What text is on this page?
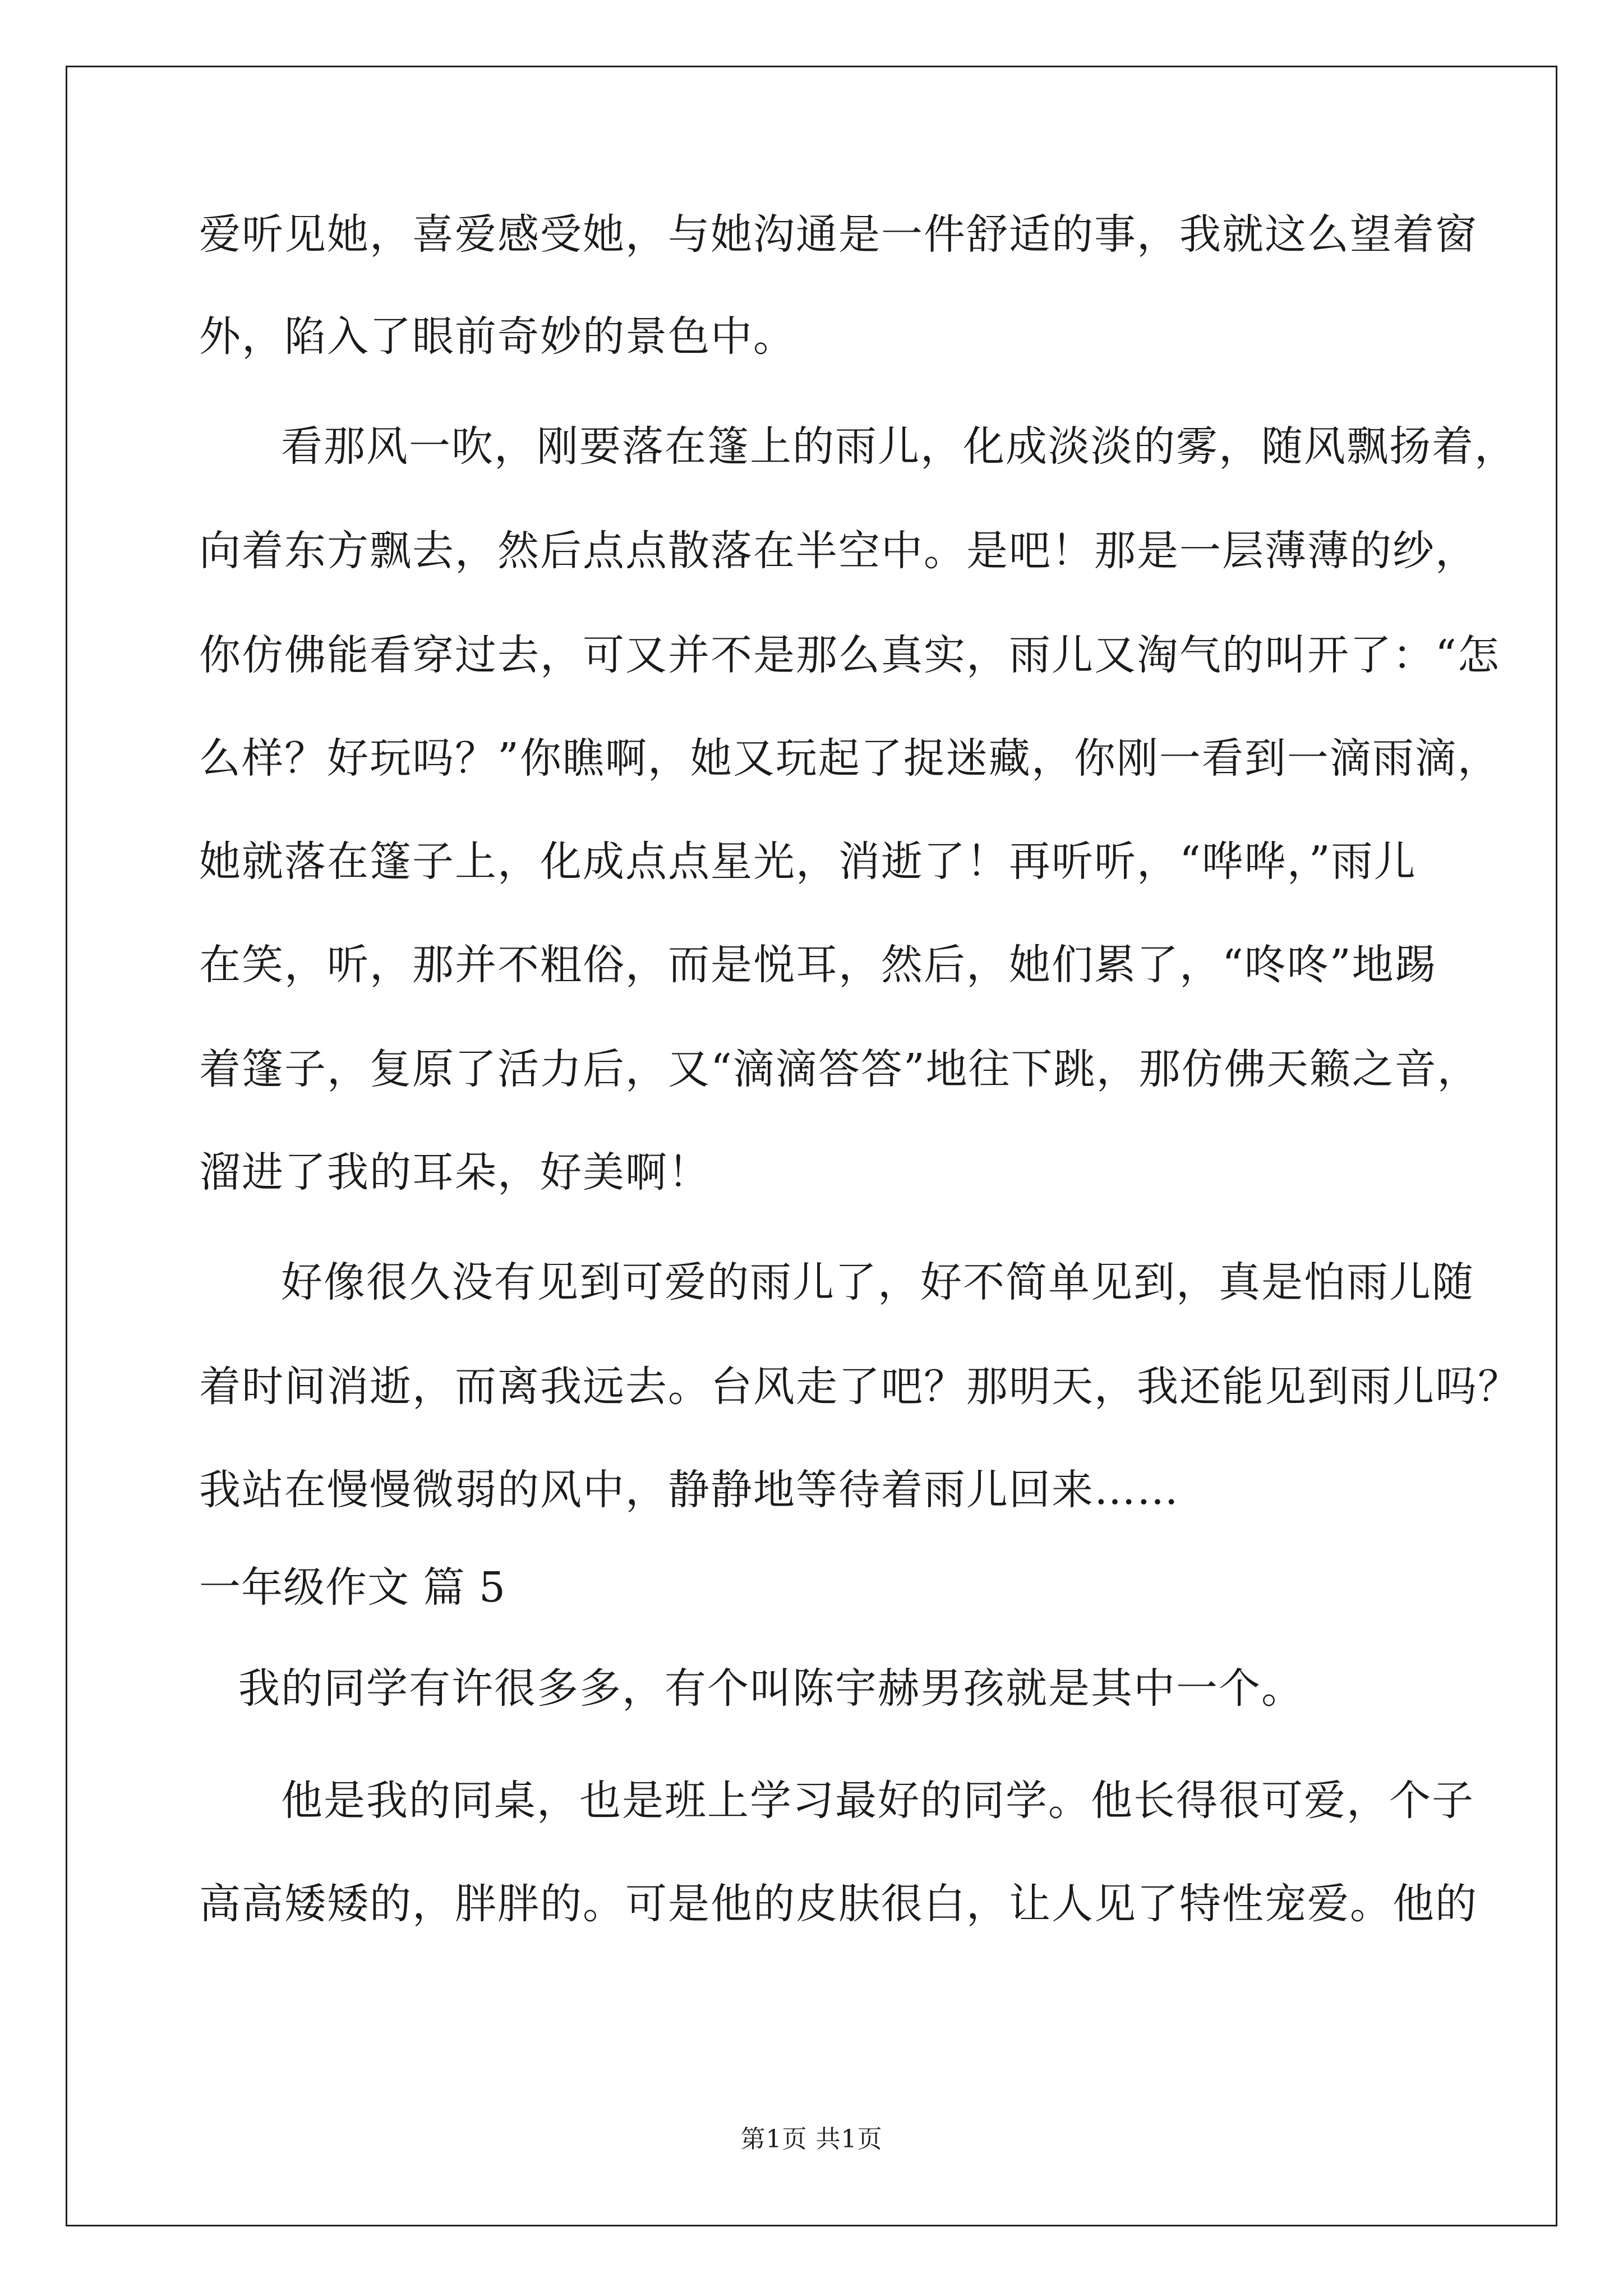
爱听见她，喜爱感受她，与她沟通是一件舒适的事，我就这么望着窗
外，陷入了眼前奇妙的景色中。
看那风一吹，刚要落在篷上的雨儿，化成淡淡的雾，随风飘扬着，
向着东方飘去，然后点点散落在半空中。是吧！那是一层薄薄的纱，
你仿佛能看穿过去，可又并不是那么真实，雨儿又淘气的叫开了：“怎
么样？好玩吗？”你瞧啊，她又玩起了捉迷藏，你刚一看到一滴雨滴，
她就落在篷子上，化成点点星光，消逝了！再听听，“哗哗，”雨儿
在笑，听，那并不粗俗，而是悦耳，然后，她们累了，“咚咚”地踢
着篷子，复原了活力后，又“滴滴答答”地往下跳，那仿佛天籁之音，
溜进了我的耳朵，好美啊！
好像很久没有见到可爱的雨儿了，好不简单见到，真是怕雨儿随
着时间消逝，而离我远去。台风走了吧？那明天，我还能见到雨儿吗？
我站在慢慢微弱的风中，静静地等待着雨儿回来……
一年级作文 篇 5
我的同学有许很多多，有个叫陈宇赫男孩就是其中一个。
他是我的同桌，也是班上学习最好的同学。他长得很可爱，个子
高高矮矮的，胖胖的。可是他的皮肤很白，让人见了特性宠爱。他的
第1页 共1页
